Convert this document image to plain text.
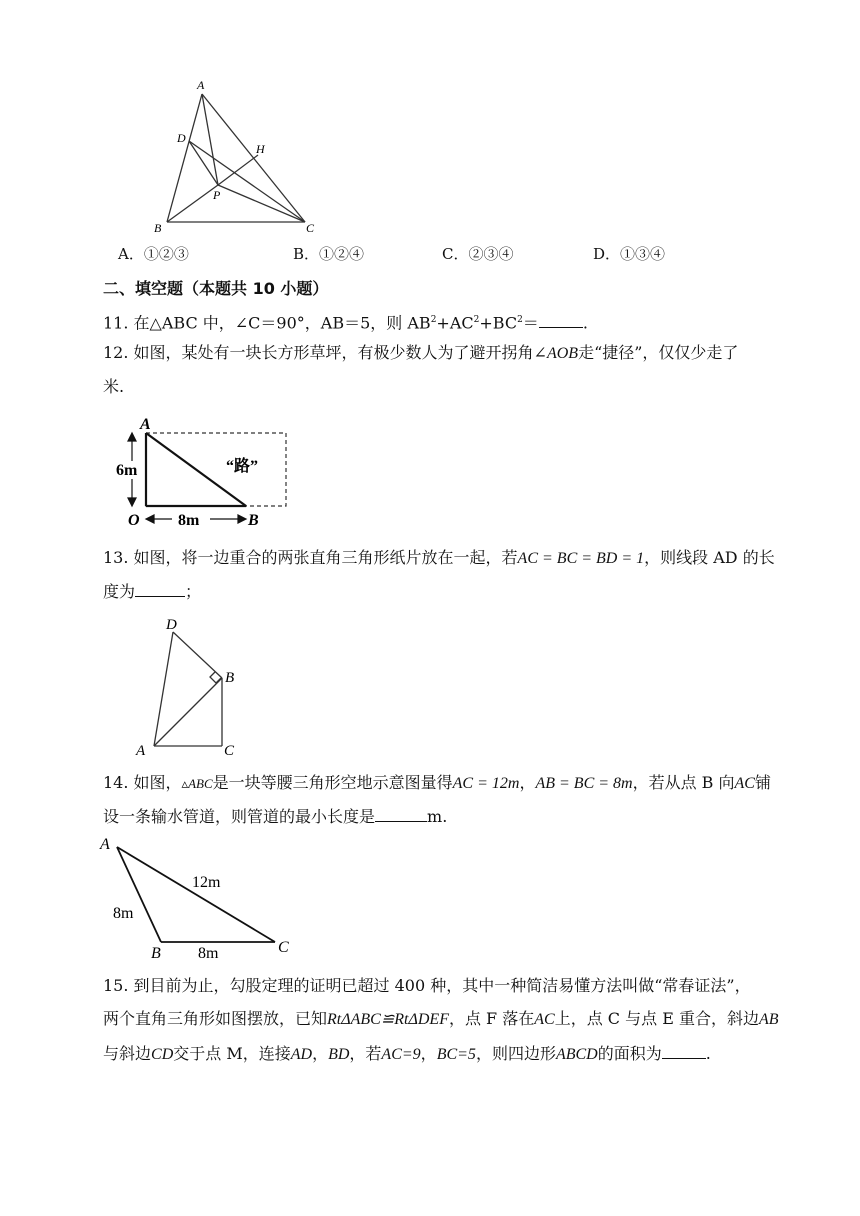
A
D
H
P
B	C
A．①②③	B．①②④	C．②③④	D．①③④
二、填空题（本题共 10 小题）
11. 在△ABC 中，∠C＝90°，AB＝5，则 $AB^2+AC^2+BC^2=$	.
12. 如图，某处有一块长方形草坪，有极少数人为了避开拐角∠AOB走“捷径”，仅仅少走了
米.
A
O	B
6m
8m
“路”
13. 如图，将一边重合的两张直角三角形纸片放在一起，若AC = BC = BD = 1，则线段 AD 的长
度为	；
D
B
A	C
14. 如图，▵ABC是一块等腰三角形空地示意图量得AC = 12m，AB = BC = 8m，若从点 B 向AC铺
设一条输水管道，则管道的最小长度是	m.
A
B	C
12m
8m
8m
15. 到目前为止，勾股定理的证明已超过 400 种，其中一种简洁易懂方法叫做“常春证法”，
两个直角三角形如图摆放，已知RtΔABC≌RtΔDEF，点 F 落在AC上，点 C 与点 E 重合，斜边AB
与斜边CD交于点 M，连接AD，BD，若AC=9，BC=5，则四边形ABCD的面积为	.
